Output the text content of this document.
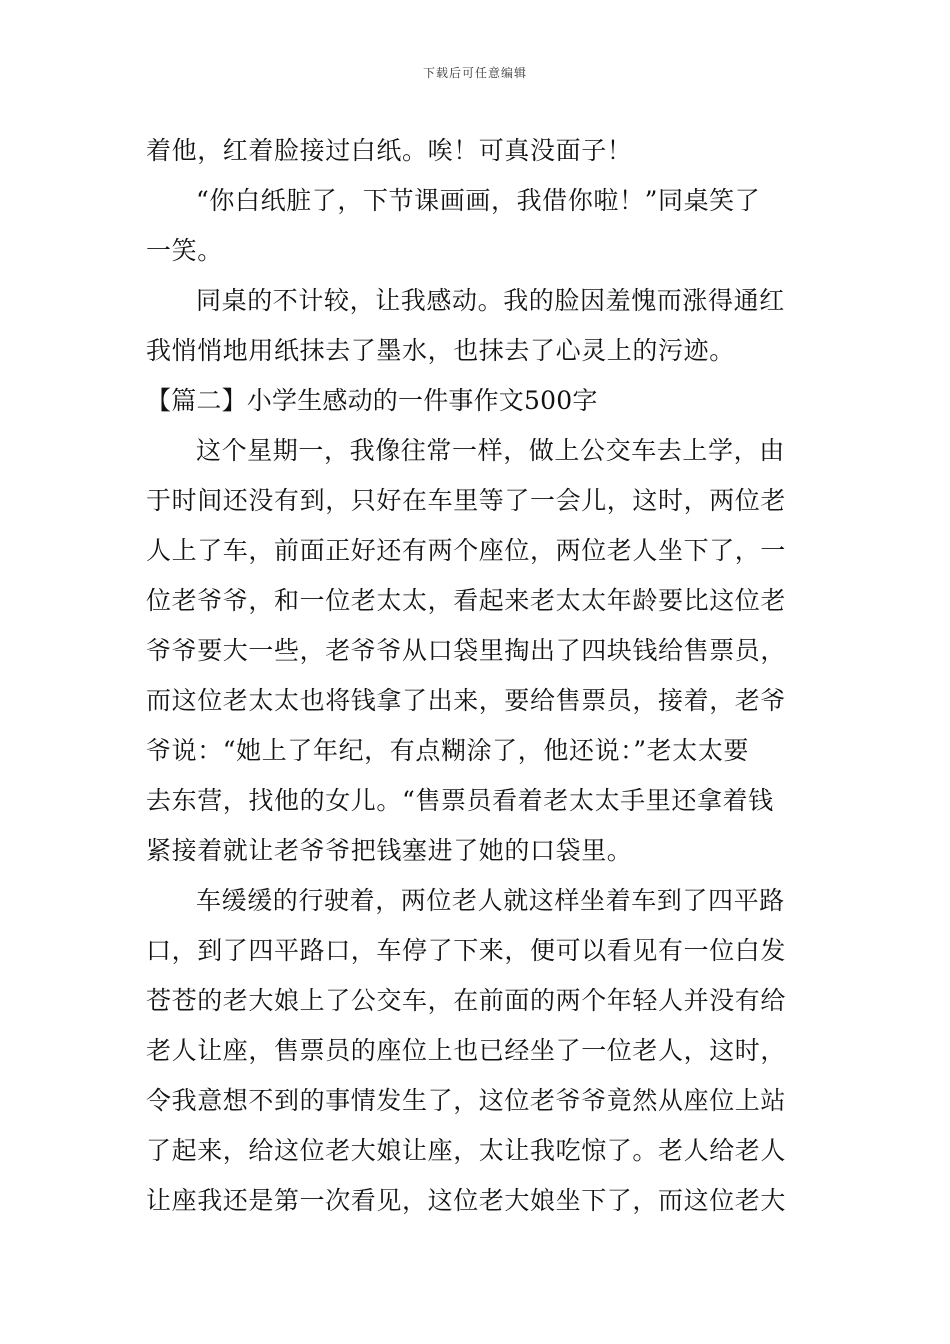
下载后可任意编辑
着他，红着脸接过白纸。唉！可真没面子！
“你白纸脏了，下节课画画，我借你啦！”同桌笑了
一笑。
同桌的不计较，让我感动。我的脸因羞愧而涨得通红
我悄悄地用纸抹去了墨水，也抹去了心灵上的污迹。
【篇二】小学生感动的一件事作文500字
这个星期一，我像往常一样，做上公交车去上学，由
于时间还没有到，只好在车里等了一会儿，这时，两位老
人上了车，前面正好还有两个座位，两位老人坐下了，一
位老爷爷，和一位老太太，看起来老太太年龄要比这位老
爷爷要大一些，老爷爷从口袋里掏出了四块钱给售票员，
而这位老太太也将钱拿了出来，要给售票员，接着，老爷
爷说：“她上了年纪，有点糊涂了，他还说：”老太太要
去东营，找他的女儿。“售票员看着老太太手里还拿着钱
紧接着就让老爷爷把钱塞进了她的口袋里。
车缓缓的行驶着，两位老人就这样坐着车到了四平路
口，到了四平路口，车停了下来，便可以看见有一位白发
苍苍的老大娘上了公交车，在前面的两个年轻人并没有给
老人让座，售票员的座位上也已经坐了一位老人，这时，
令我意想不到的事情发生了，这位老爷爷竟然从座位上站
了起来，给这位老大娘让座，太让我吃惊了。老人给老人
让座我还是第一次看见，这位老大娘坐下了，而这位老大
